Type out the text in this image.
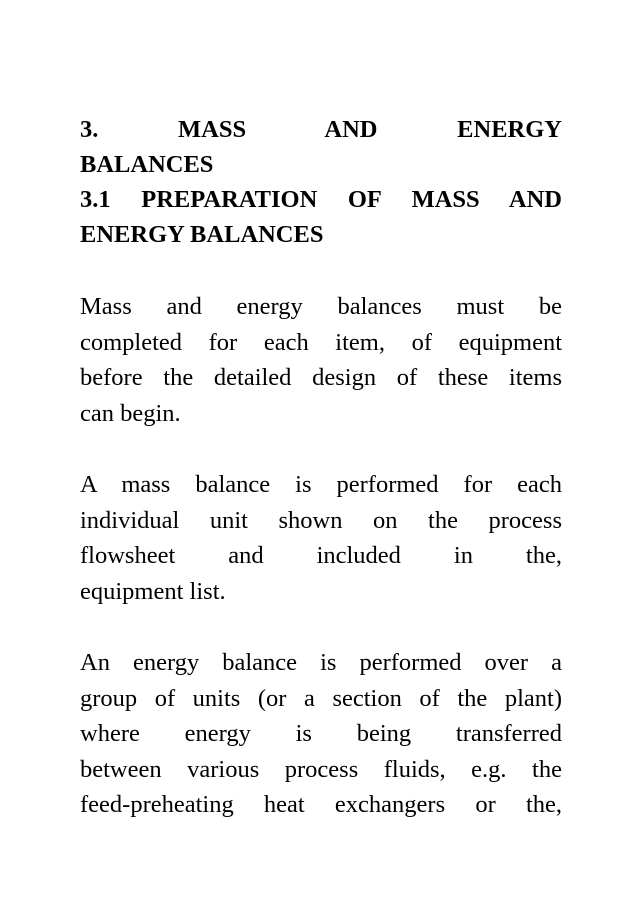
3. MASS AND ENERGY
BALANCES
3.1 PREPARATION OF MASS AND
ENERGY BALANCES
Mass and energy balances must be
completed for each item, of equipment
before the detailed design of these items
can begin.
A mass balance is performed for each
individual unit shown on the process
flowsheet and included in the,
equipment list.
An energy balance is performed over a
group of units (or a section of the plant)
where energy is being transferred
between various process fluids, e.g. the
feed-preheating heat exchangers or the,
